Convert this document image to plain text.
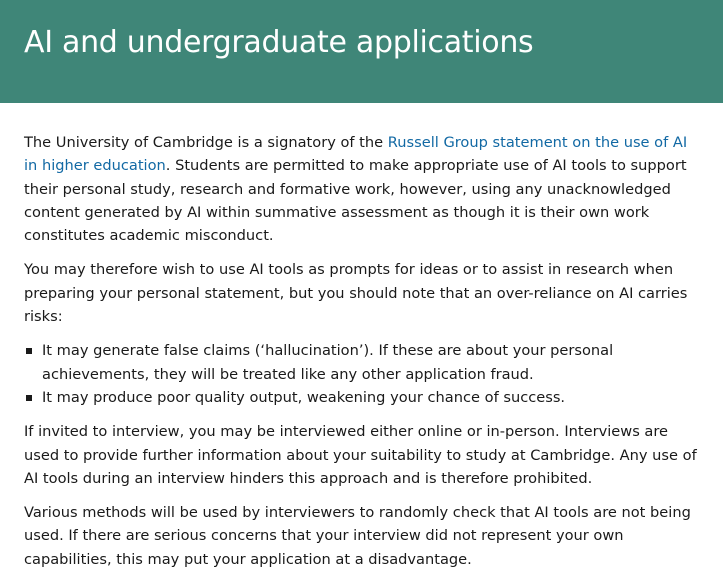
AI and undergraduate applications

The University of Cambridge is a signatory of the Russell Group statement on the use of AI in higher education. Students are permitted to make appropriate use of AI tools to support their personal study, research and formative work, however, using any unacknowledged content generated by AI within summative assessment as though it is their own work constitutes academic misconduct.

You may therefore wish to use AI tools as prompts for ideas or to assist in research when preparing your personal statement, but you should note that an over-reliance on AI carries risks:

It may generate false claims (‘hallucination’). If these are about your personal achievements, they will be treated like any other application fraud.
It may produce poor quality output, weakening your chance of success.

If invited to interview, you may be interviewed either online or in-person. Interviews are used to provide further information about your suitability to study at Cambridge. Any use of AI tools during an interview hinders this approach and is therefore prohibited.

Various methods will be used by interviewers to randomly check that AI tools are not being used. If there are serious concerns that your interview did not represent your own capabilities, this may put your application at a disadvantage.
